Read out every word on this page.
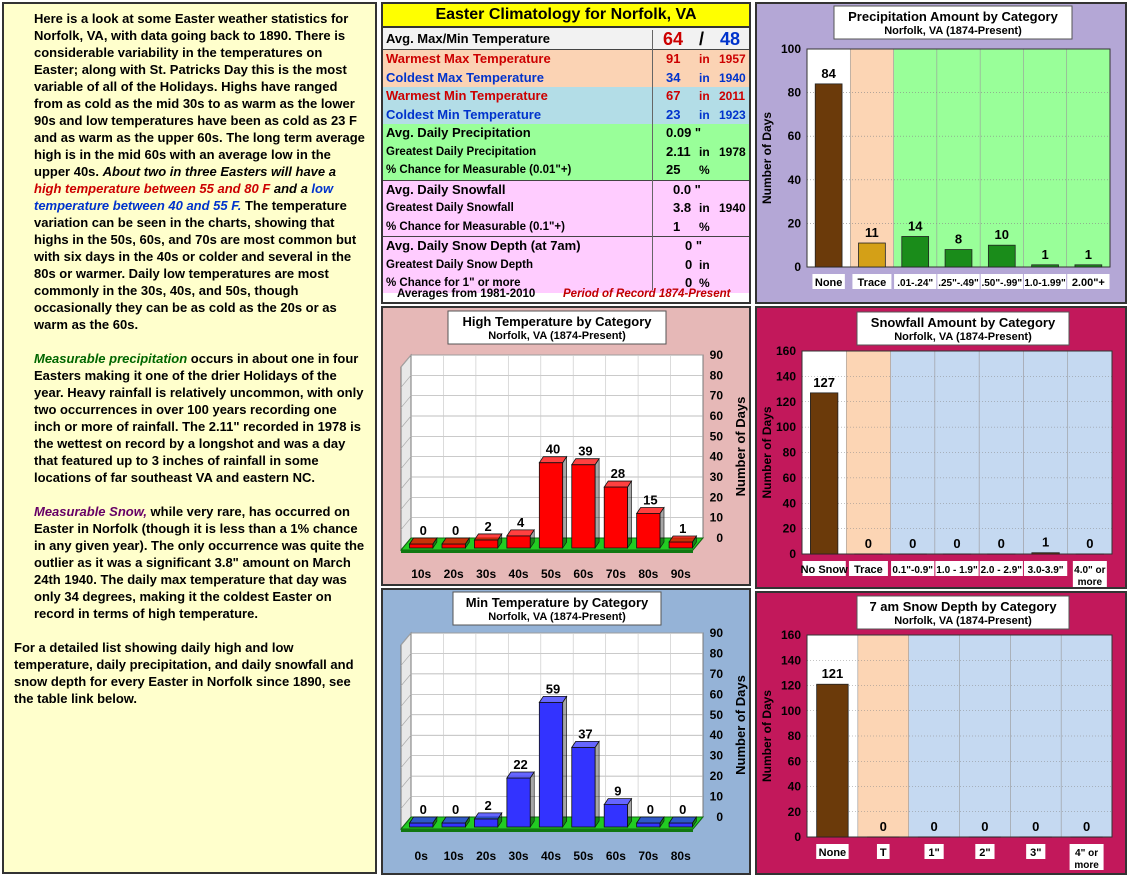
Here is a look at some Easter weather statistics for Norfolk, VA, with data going back to 1890. There is considerable variability in the temperatures on Easter; along with St. Patricks Day this is the most variable of all of the Holidays. Highs have ranged from as cold as the mid 30s to as warm as the lower 90s and low temperatures have been as cold as 23 F and as warm as the upper 60s. The long term average high is in the mid 60s with an average low in the upper 40s. About two in three Easters will have a high temperature between 55 and 80 F and a low temperature between 40 and 55 F. The temperature variation can be seen in the charts, showing that highs in the 50s, 60s, and 70s are most common but with six days in the 40s or colder and several in the 80s or warmer. Daily low temperatures are most commonly in the 30s, 40s, and 50s, though occasionally they can be as cold as the 20s or as warm as the 60s.

Measurable precipitation occurs in about one in four Easters making it one of the drier Holidays of the year. Heavy rainfall is relatively uncommon, with only two occurrences in over 100 years recording one inch or more of rainfall. The 2.11" recorded in 1978 is the wettest on record by a longshot and was a day that featured up to 3 inches of rainfall in some locations of far southeast VA and eastern NC.

Measurable Snow, while very rare, has occurred on Easter in Norfolk (though it is less than a 1% chance in any given year). The only occurrence was quite the outlier as it was a significant 3.8" amount on March 24th 1940. The daily max temperature that day was only 34 degrees, making it the coldest Easter on record in terms of high temperature.

For a detailed list showing daily high and low temperature, daily precipitation, and daily snowfall and snow depth for every Easter in Norfolk since 1890, see the table link below.

Easter Climatology for Norfolk, VA
Avg. Max/Min Temperature	64 / 48
Warmest Max Temperature	91 in 1957
Coldest Max Temperature	34 in 1940
Warmest Min Temperature	67 in 2011
Coldest Min Temperature	23 in 1923
Avg. Daily Precipitation	0.09 "
Greatest Daily Precipitation	2.11 in 1978
% Chance for Measurable (0.01"+)	25 %
Avg. Daily Snowfall	0.0 "
Greatest Daily Snowfall	3.8 in 1940
% Chance for Measurable (0.1"+)	1 %
Avg. Daily Snow Depth (at 7am)	0 "
Greatest Daily Snow Depth	0 in
% Chance for 1" or more	0 %
Averages from 1981-2010 Period of Record 1874-Present
Precipitation Amount by Category
Norfolk, VA (1874-Present)
0
20
40
60
80
100
Number of Days
84
11 14
8 10
1	1
None Trace .01-.24" .25"-.49" .50"-.99" 1.0-1.99" 2.00"+
High Temperature by Category
Norfolk, VA (1874-Present)
0
10
20
30
40
50
60
70
80
90
0 0 2 4
40 39
28
15
1
Number of Days
10s 20s 30s 40s 50s 60s 70s 80s 90s
Min Temperature by Category
Norfolk, VA (1874-Present)
0
10
20
30
40
50
60
70
80
90
0 0 2
22
59
37
9
0 0
Number of Days
0s 10s 20s 30s 40s 50s 60s 70s 80s
Snowfall Amount by Category
Norfolk, VA (1874-Present)
0
20
40
60
80
100
120
140
160
Number of Days
127
0	0	0	0	1	0
No Snow Trace 0.1"-0.9" 1.0 - 1.9" 2.0 - 2.9" 3.0-3.9" 4.0" or
more
7 am Snow Depth by Category
Norfolk, VA (1874-Present)
0
20
40
60
80
100
120
140
160
Number of Days
121
0	0	0	0	0
None	T	1"	2"	3"	4" or
more
